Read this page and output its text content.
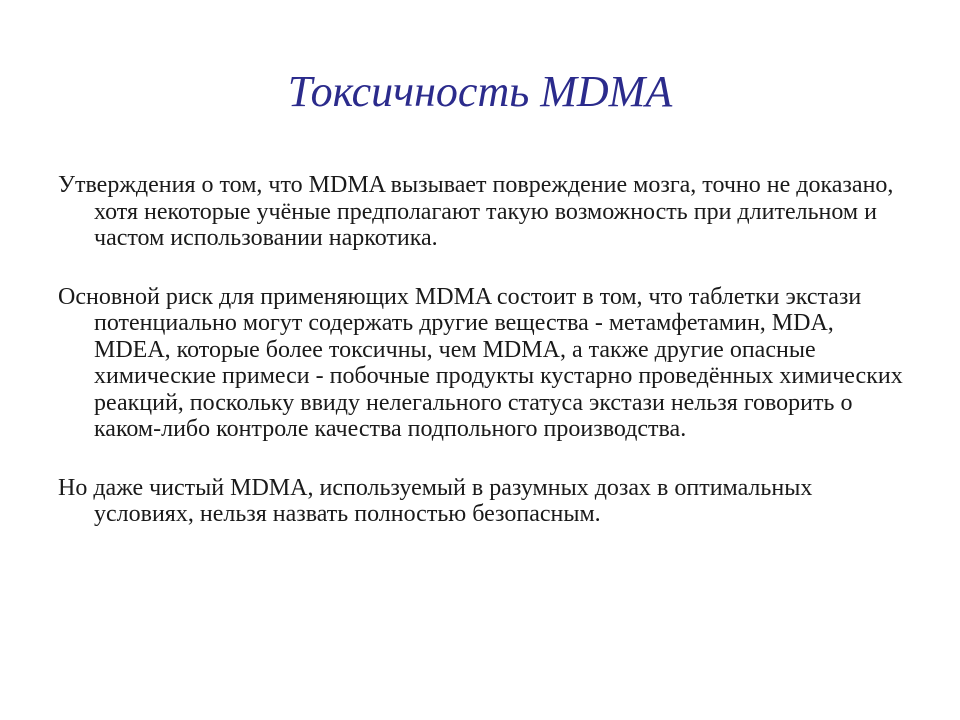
Токсичность MDMA
Утверждения о том, что MDMA вызывает повреждение мозга, точно не доказано, хотя некоторые учёные предполагают такую возможность при длительном и частом использовании наркотика.
Основной риск для применяющих MDMA состоит в том, что таблетки экстази потенциально могут содержать другие вещества - метамфетамин, MDA, MDEA, которые более токсичны, чем MDMA, а также другие опасные химические примеси - побочные продукты кустарно проведённых химических реакций, поскольку ввиду нелегального статуса экстази нельзя говорить о каком-либо контроле качества подпольного производства.
Но даже чистый MDMA, используемый в разумных дозах в оптимальных условиях, нельзя назвать полностью безопасным.
